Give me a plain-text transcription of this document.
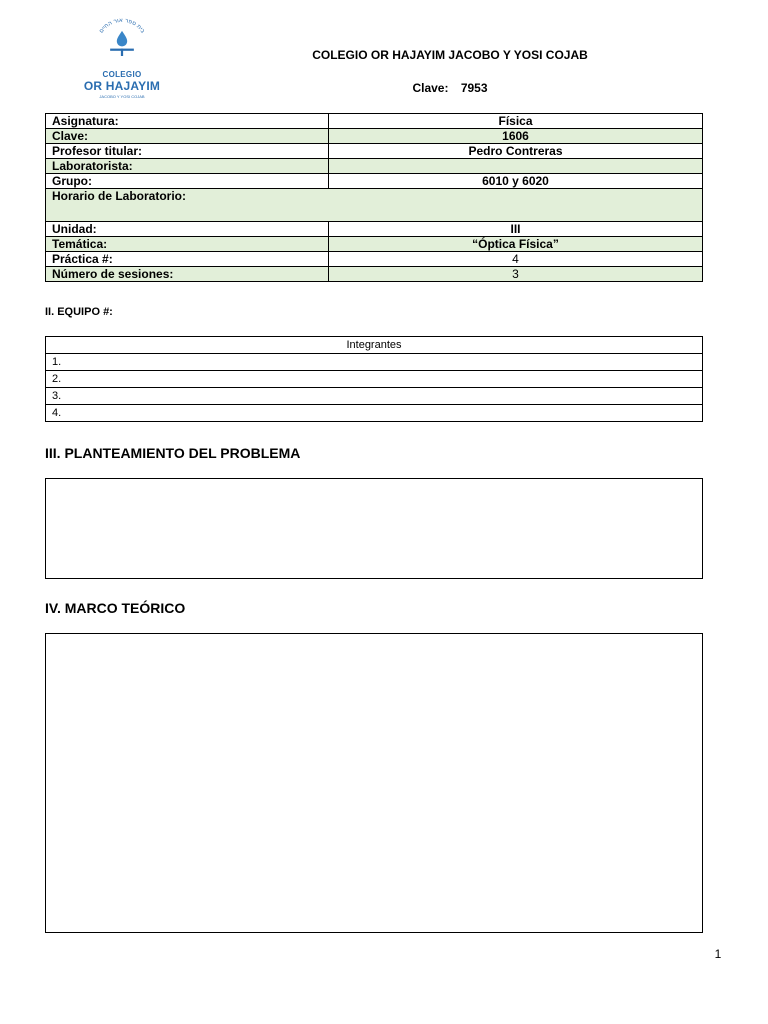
בית ספר אור החיים
COLEGIO
OR HAJAYIM
JACOBO Y YOSI COJAB
COLEGIO OR HAJAYIM JACOBO Y YOSI COJAB
Clave: 7953
Asignatura:	Física
Clave:	1606
Profesor titular:	Pedro Contreras
Laboratorista:	
Grupo:	6010 y 6020
Horario de Laboratorio:	
Unidad:	III
Temática:	“Óptica Física”
Práctica #:	4
Número de sesiones:	3
II. EQUIPO #:
Integrantes
1.
2.
3.
4.
III. PLANTEAMIENTO DEL PROBLEMA
IV. MARCO TEÓRICO
1
